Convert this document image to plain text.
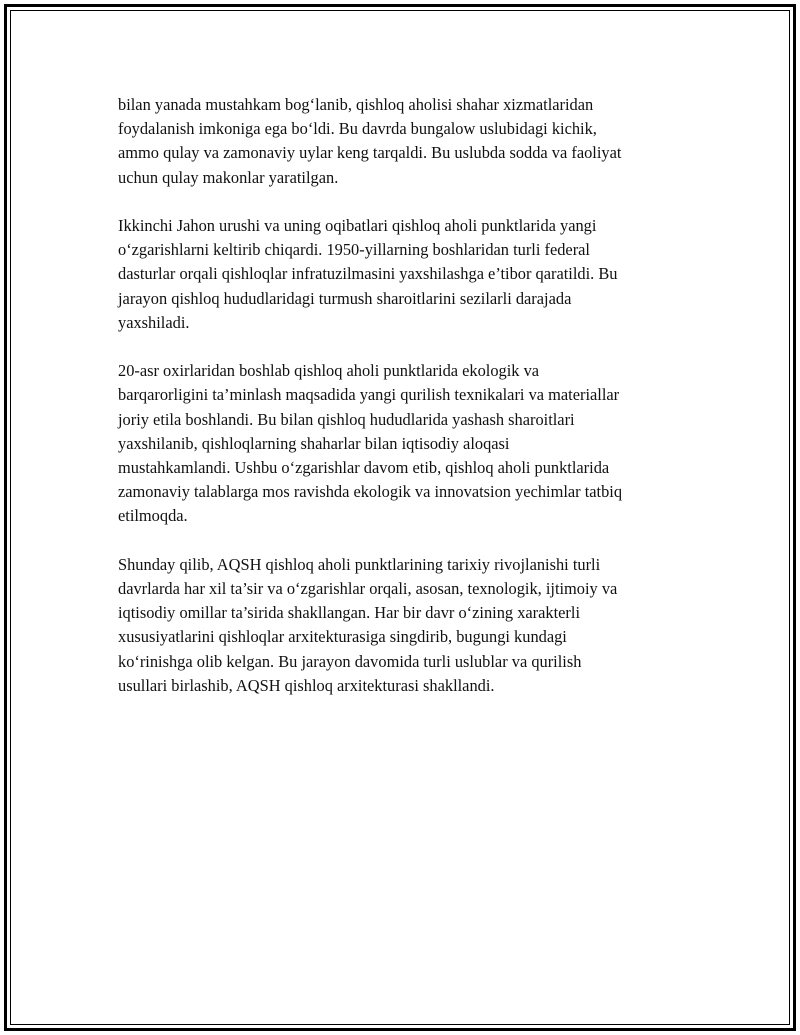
bilan yanada mustahkam bog‘lanib, qishloq aholisi shahar xizmatlaridan
foydalanish imkoniga ega bo‘ldi. Bu davrda bungalow uslubidagi kichik,
ammo qulay va zamonaviy uylar keng tarqaldi. Bu uslubda sodda va faoliyat
uchun qulay makonlar yaratilgan.

Ikkinchi Jahon urushi va uning oqibatlari qishloq aholi punktlarida yangi
o‘zgarishlarni keltirib chiqardi. 1950-yillarning boshlaridan turli federal
dasturlar orqali qishloqlar infratuzilmasini yaxshilashga e’tibor qaratildi. Bu
jarayon qishloq hududlaridagi turmush sharoitlarini sezilarli darajada
yaxshiladi.

20-asr oxirlaridan boshlab qishloq aholi punktlarida ekologik va
barqarorligini ta’minlash maqsadida yangi qurilish texnikalari va materiallar
joriy etila boshlandi. Bu bilan qishloq hududlarida yashash sharoitlari
yaxshilanib, qishloqlarning shaharlar bilan iqtisodiy aloqasi
mustahkamlandi. Ushbu o‘zgarishlar davom etib, qishloq aholi punktlarida
zamonaviy talablarga mos ravishda ekologik va innovatsion yechimlar tatbiq
etilmoqda.

Shunday qilib, AQSH qishloq aholi punktlarining tarixiy rivojlanishi turli
davrlarda har xil ta’sir va o‘zgarishlar orqali, asosan, texnologik, ijtimoiy va
iqtisodiy omillar ta’sirida shakllangan. Har bir davr o‘zining xarakterli
xususiyatlarini qishloqlar arxitekturasiga singdirib, bugungi kundagi
ko‘rinishga olib kelgan. Bu jarayon davomida turli uslublar va qurilish
usullari birlashib, AQSH qishloq arxitekturasi shakllandi.
